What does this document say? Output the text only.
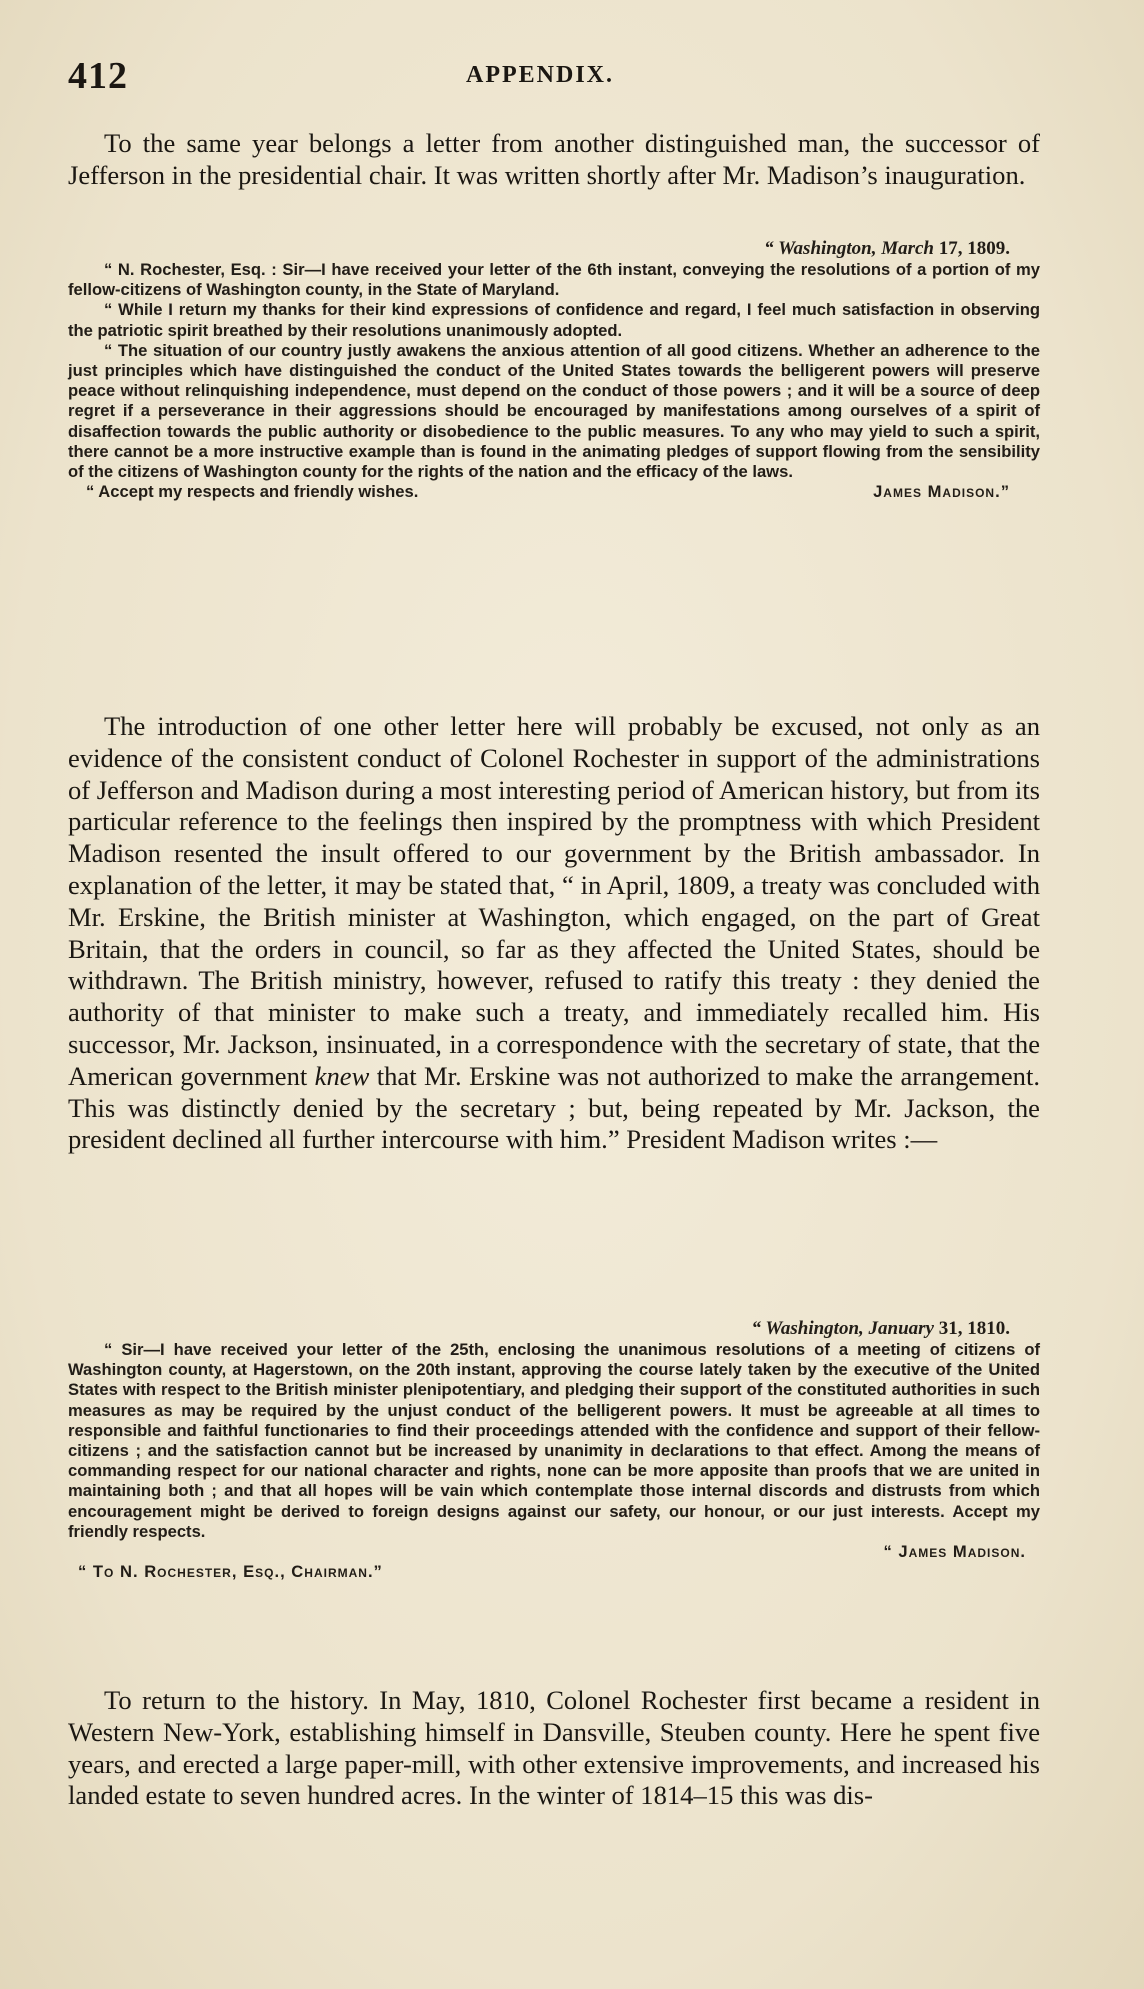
412	APPENDIX.

To the same year belongs a letter from another distinguished man, the successor of Jefferson in the presidential chair. It was written shortly after Mr. Madison’s inauguration.

“ Washington, March 17, 1809.

“ N. Rochester, Esq. : Sir—I have received your letter of the 6th instant, conveying the resolutions of a portion of my fellow-citizens of Washington county, in the State of Maryland.

“ While I return my thanks for their kind expressions of confidence and regard, I feel much satisfaction in observing the patriotic spirit breathed by their resolutions unanimously adopted.

“ The situation of our country justly awakens the anxious attention of all good citizens. Whether an adherence to the just principles which have distinguished the conduct of the United States towards the belligerent powers will preserve peace without relinquishing independence, must depend on the conduct of those powers ; and it will be a source of deep regret if a perseverance in their aggressions should be encouraged by manifestations among ourselves of a spirit of disaffection towards the public authority or disobedience to the public measures. To any who may yield to such a spirit, there cannot be a more instructive example than is found in the animating pledges of support flowing from the sensibility of the citizens of Washington county for the rights of the nation and the efficacy of the laws.

“ Accept my respects and friendly wishes.	James Madison.”

The introduction of one other letter here will probably be excused, not only as an evidence of the consistent conduct of Colonel Rochester in support of the administrations of Jefferson and Madison during a most interesting period of American history, but from its particular reference to the feelings then inspired by the promptness with which President Madison resented the insult offered to our government by the British ambassador. In explanation of the letter, it may be stated that, “ in April, 1809, a treaty was concluded with Mr. Erskine, the British minister at Washington, which engaged, on the part of Great Britain, that the orders in council, so far as they affected the United States, should be withdrawn. The British ministry, however, refused to ratify this treaty : they denied the authority of that minister to make such a treaty, and immediately recalled him. His successor, Mr. Jackson, insinuated, in a correspondence with the secretary of state, that the American government knew that Mr. Erskine was not authorized to make the arrangement. This was distinctly denied by the secretary ; but, being repeated by Mr. Jackson, the president declined all further intercourse with him.” President Madison writes :—

“ Washington, January 31, 1810.

“ Sir—I have received your letter of the 25th, enclosing the unanimous resolutions of a meeting of citizens of Washington county, at Hagerstown, on the 20th instant, approving the course lately taken by the executive of the United States with respect to the British minister plenipotentiary, and pledging their support of the constituted authorities in such measures as may be required by the unjust conduct of the belligerent powers. It must be agreeable at all times to responsible and faithful functionaries to find their proceedings attended with the confidence and support of their fellow-citizens ; and the satisfaction cannot but be increased by unanimity in declarations to that effect. Among the means of commanding respect for our national character and rights, none can be more apposite than proofs that we are united in maintaining both ; and that all hopes will be vain which contemplate those internal discords and distrusts from which encouragement might be derived to foreign designs against our safety, our honour, or our just interests. Accept my friendly respects.

“ James Madison.
“ To N. Rochester, Esq., Chairman.”

To return to the history. In May, 1810, Colonel Rochester first became a resident in Western New-York, establishing himself in Dansville, Steuben county. Here he spent five years, and erected a large paper-mill, with other extensive improvements, and increased his landed estate to seven hundred acres. In the winter of 1814–15 this was dis-
